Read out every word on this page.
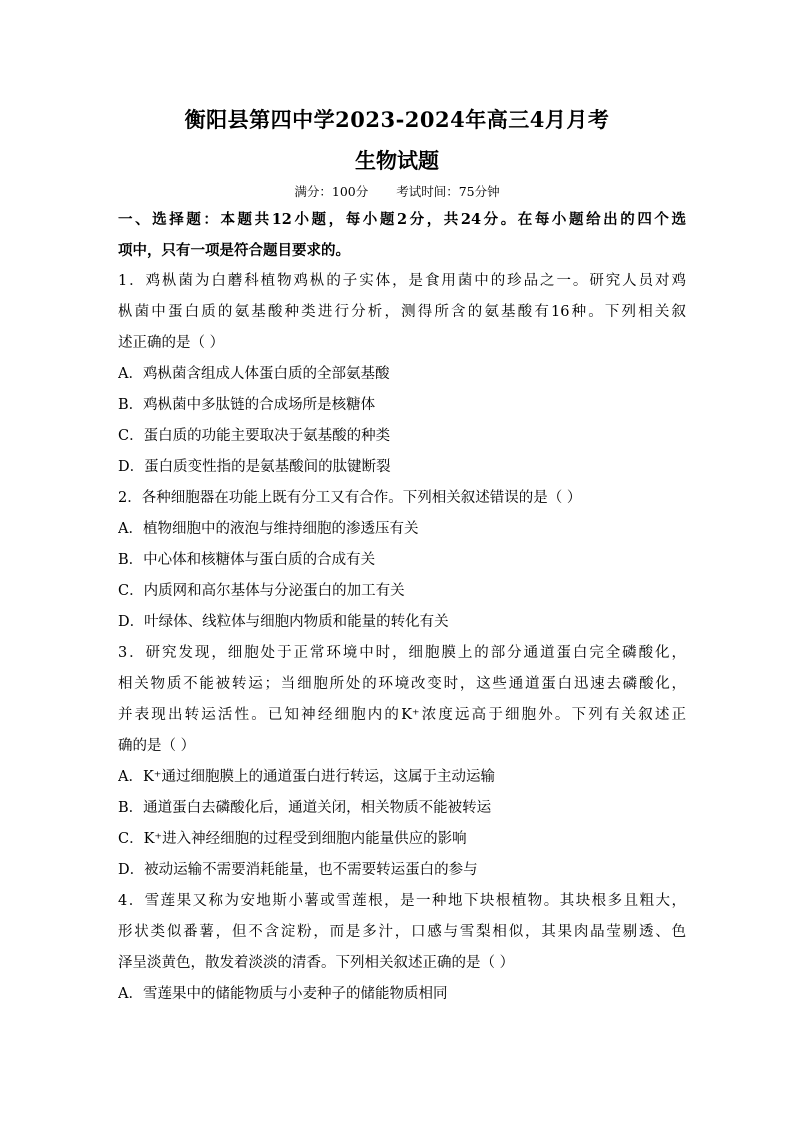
衡阳县第四中学2023-2024年高三4月月考
生物试题
满分：100分 考试时间：75分钟
一、选择题：本题共12小题，每小题2分，共24分。在每小题给出的四个选
项中，只有一项是符合题目要求的。
1．鸡枞菌为白蘑科植物鸡枞的子实体，是食用菌中的珍品之一。研究人员对鸡
枞菌中蛋白质的氨基酸种类进行分析，测得所含的氨基酸有16种。下列相关叙
述正确的是（ ）
A．鸡枞菌含组成人体蛋白质的全部氨基酸
B．鸡枞菌中多肽链的合成场所是核糖体
C．蛋白质的功能主要取决于氨基酸的种类
D．蛋白质变性指的是氨基酸间的肽键断裂
2．各种细胞器在功能上既有分工又有合作。下列相关叙述错误的是（ ）
A．植物细胞中的液泡与维持细胞的渗透压有关
B．中心体和核糖体与蛋白质的合成有关
C．内质网和高尔基体与分泌蛋白的加工有关
D．叶绿体、线粒体与细胞内物质和能量的转化有关
3．研究发现，细胞处于正常环境中时，细胞膜上的部分通道蛋白完全磷酸化，
相关物质不能被转运；当细胞所处的环境改变时，这些通道蛋白迅速去磷酸化，
并表现出转运活性。已知神经细胞内的K⁺浓度远高于细胞外。下列有关叙述正
确的是（ ）
A．K⁺通过细胞膜上的通道蛋白进行转运，这属于主动运输
B．通道蛋白去磷酸化后，通道关闭，相关物质不能被转运
C．K⁺进入神经细胞的过程受到细胞内能量供应的影响
D．被动运输不需要消耗能量，也不需要转运蛋白的参与
4．雪莲果又称为安地斯小薯或雪莲根，是一种地下块根植物。其块根多且粗大，
形状类似番薯，但不含淀粉，而是多汁，口感与雪梨相似，其果肉晶莹剔透、色
泽呈淡黄色，散发着淡淡的清香。下列相关叙述正确的是（ ）
A．雪莲果中的储能物质与小麦种子的储能物质相同
